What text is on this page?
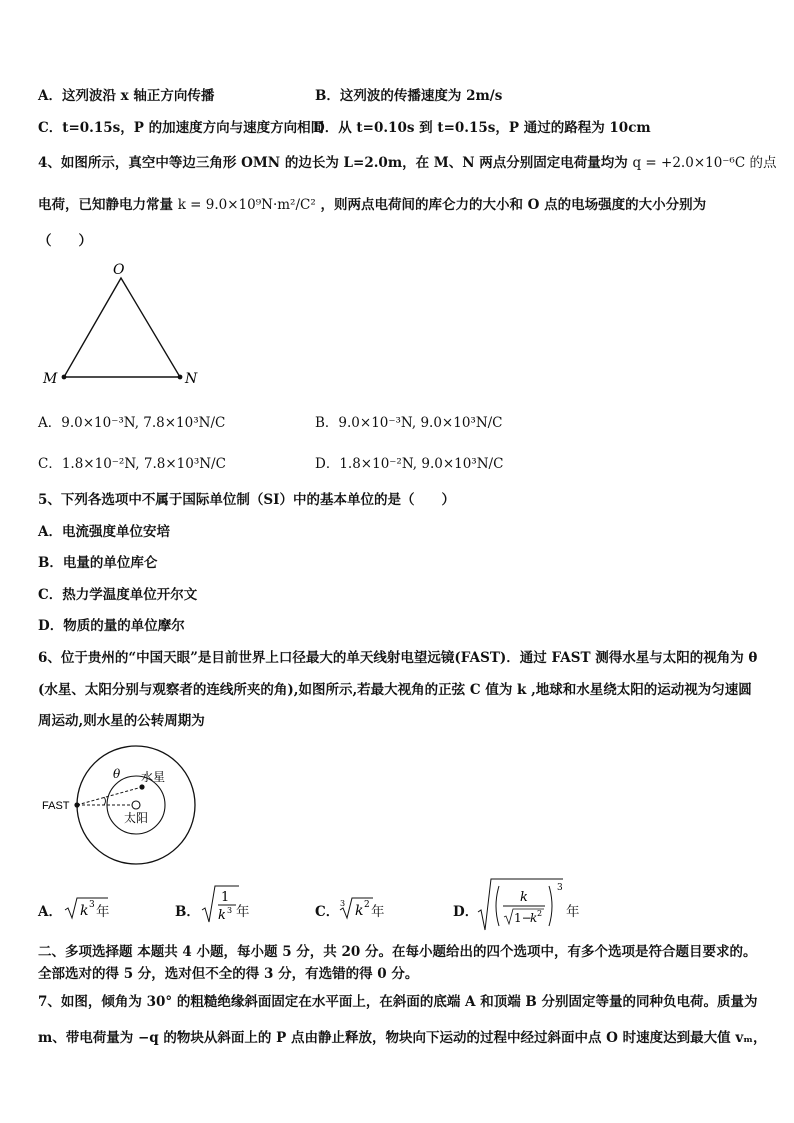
A．这列波沿 x 轴正方向传播	B．这列波的传播速度为 2m/s
C．t=0.15s，P 的加速度方向与速度方向相同
D．从 t=0.10s 到 t=0.15s，P 通过的路程为 10cm
4、如图所示，真空中等边三角形 OMN 的边长为 L=2.0m，在 M、N 两点分别固定电荷量均为 q = +2.0×10⁻⁶C 的点
电荷，已知静电力常量 k = 9.0×10⁹N·m²/C² ，则两点电荷间的库仑力的大小和 O 点的电场强度的大小分别为
（　　）
O
M	N
A．9.0×10⁻³N, 7.8×10³N/C	B．9.0×10⁻³N, 9.0×10³N/C
C．1.8×10⁻²N, 7.8×10³N/C	D．1.8×10⁻²N, 9.0×10³N/C
5、下列各选项中不属于国际单位制（SI）中的基本单位的是（　　）
A．电流强度单位安培
B．电量的单位库仑
C．热力学温度单位开尔文
D．物质的量的单位摩尔
6、位于贵州的“中国天眼”是目前世界上口径最大的单天线射电望远镜(FAST)．通过 FAST 测得水星与太阳的视角为 θ
(水星、太阳分别与观察者的连线所夹的角),如图所示,若最大视角的正弦 C 值为 k ,地球和水星绕太阳的运动视为匀速圆
周运动,则水星的公转周期为
θ
FAST
水星
太阳
A． k 3 年	B．
1
k 3 年	C．
3 k 2 年	D．
3
k
1−
k 2 年
二、多项选择题 本题共 4 小题，每小题 5 分，共 20 分。在每小题给出的四个选项中，有多个选项是符合题目要求的。
全部选对的得 5 分，选对但不全的得 3 分，有选错的得 0 分。
7、如图，倾角为 30° 的粗糙绝缘斜面固定在水平面上，在斜面的底端 A 和顶端 B 分别固定等量的同种负电荷。质量为
m、带电荷量为 −q 的物块从斜面上的 P 点由静止释放，物块向下运动的过程中经过斜面中点 O 时速度达到最大值 vₘ，
